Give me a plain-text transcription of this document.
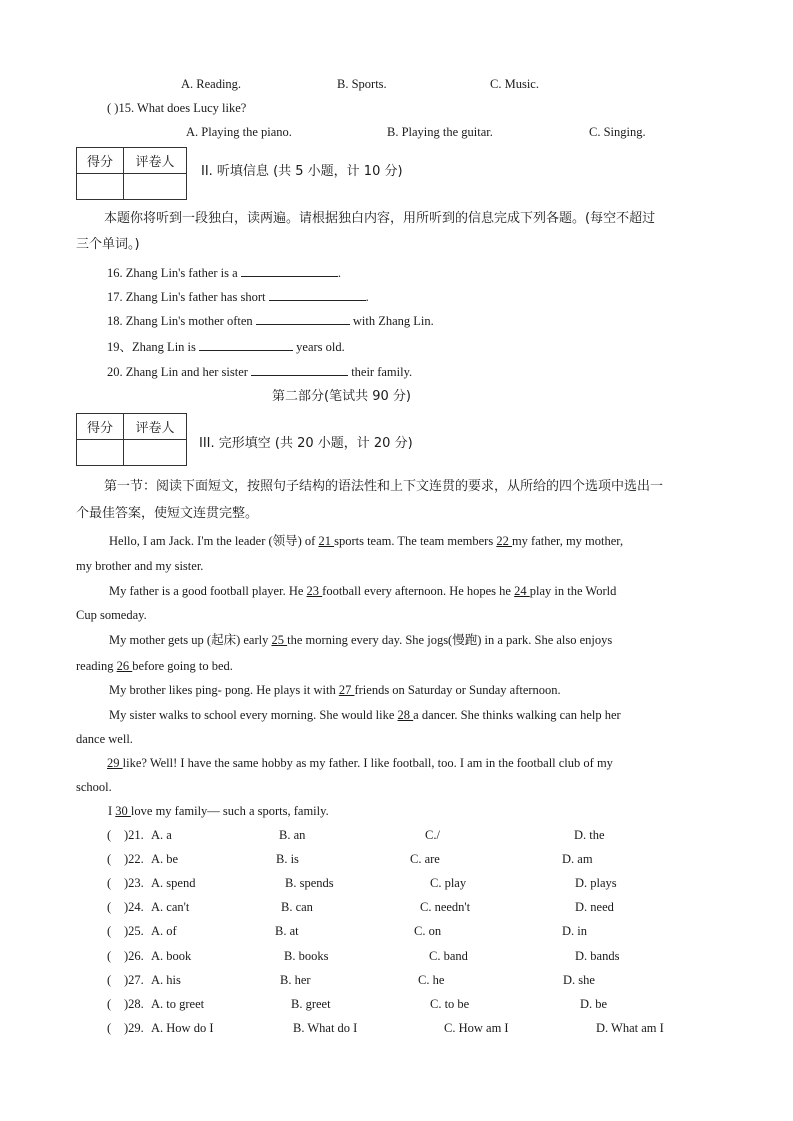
A. Reading.	B. Sports.	C. Music.
( )15. What does Lucy like?
A. Playing the piano.	B. Playing the guitar.	C. Singing.
得分	评卷人

II. 听填信息 (共 5 小题，计 10 分)
本题你将听到一段独白，读两遍。请根据独白内容，用所听到的信息完成下列各题。(每空不超过
三个单词。)
16. Zhang Lin's father is a	.
17. Zhang Lin's father has short	.
18. Zhang Lin's mother often	with Zhang Lin.
19、Zhang Lin is	years old.
20. Zhang Lin and her sister	their family.
第二部分(笔试共 90 分)
得分	评卷人

III. 完形填空 (共 20 小题，计 20 分)
第一节：阅读下面短文，按照句子结构的语法性和上下文连贯的要求，从所给的四个选项中选出一
个最佳答案，使短文连贯完整。
Hello, I am Jack. I'm the leader (领导) of 21 sports team. The team members 22 my father, my mother,
my brother and my sister.
My father is a good football player. He 23 football every afternoon. He hopes he 24 play in the World
Cup someday.
My mother gets up (起床) early 25 the morning every day. She jogs(慢跑) in a park. She also enjoys
reading 26 before going to bed.
My brother likes ping- pong. He plays it with 27 friends on Saturday or Sunday afternoon.
My sister walks to school every morning. She would like 28 a dancer. She thinks walking can help her
dance well.
29 like? Well! I have the same hobby as my father. I like football, too. I am in the football club of my
school.
I 30 love my family— such a sports, family.
( )21. A. a	B. an	C./	D. the
( )22. A. be	B. is	C. are	D. am
( )23. A. spend	B. spends	C. play	D. plays
( )24. A. can't	B. can	C. needn't	D. need
( )25. A. of	B. at	C. on	D. in
( )26. A. book	B. books	C. band	D. bands
( )27. A. his	B. her	C. he	D. she
( )28. A. to greet	B. greet	C. to be	D. be
( )29. A. How do I	B. What do I	C. How am I	D. What am I
